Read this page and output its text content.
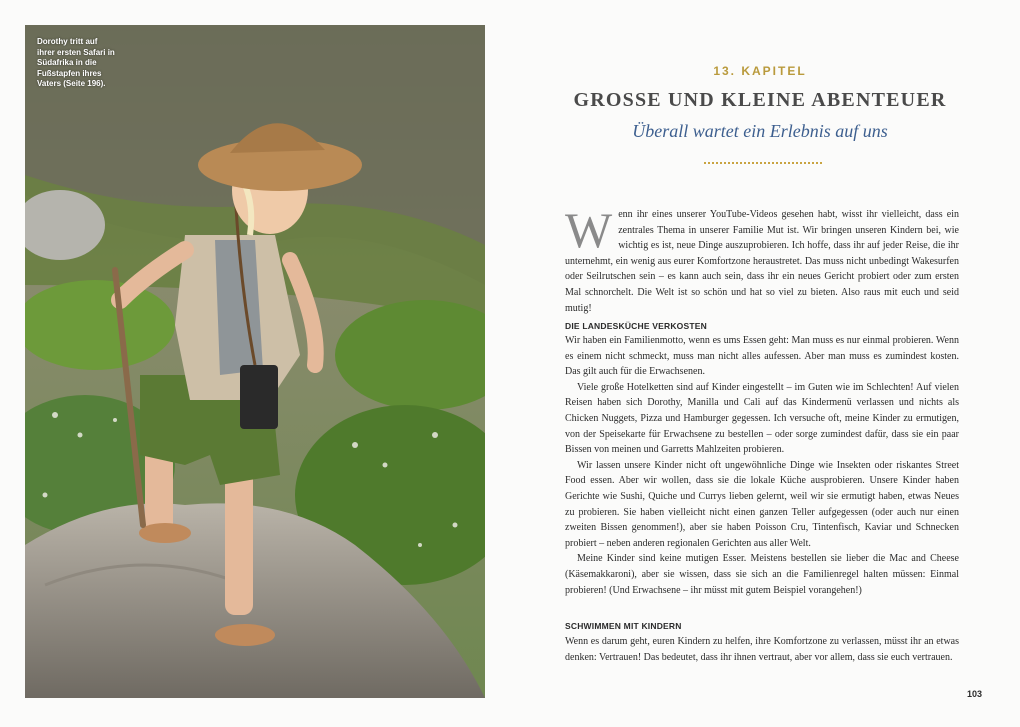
Dorothy tritt auf ihrer ersten Safari in Südafrika in die Fußstapfen ihres Vaters (Seite 196).
13. KAPITEL
GROSSE UND KLEINE ABENTEUER
Überall wartet ein Erlebnis auf uns
W enn ihr eines unserer YouTube-Videos gesehen habt, wisst ihr vielleicht, dass ein zentrales Thema in unserer Familie Mut ist. Wir bringen unseren Kindern bei, wie wichtig es ist, neue Dinge auszuprobieren. Ich hoffe, dass ihr auf jeder Reise, die ihr unternehmt, ein wenig aus eurer Komfortzone heraustretet. Das muss nicht unbedingt Wakesurfen oder Seilrutschen sein – es kann auch sein, dass ihr ein neues Gericht probiert oder zum ersten Mal schnorchelt. Die Welt ist so schön und hat so viel zu bieten. Also raus mit euch und seid mutig!
DIE LANDESKÜCHE VERKOSTEN

Wir haben ein Familienmotto, wenn es ums Essen geht: Man muss es nur einmal probieren. Wenn es einem nicht schmeckt, muss man nicht alles aufessen. Aber man muss es zumindest kosten. Das gilt auch für die Erwachsenen.

Viele große Hotelketten sind auf Kinder eingestellt – im Guten wie im Schlechten! Auf vielen Reisen haben sich Dorothy, Manilla und Cali auf das Kindermenü verlassen und nichts als Chicken Nuggets, Pizza und Hamburger gegessen. Ich versuche oft, meine Kinder zu ermutigen, von der Speisekarte für Erwachsene zu bestellen – oder sorge zumindest dafür, dass sie ein paar Bissen von meinen und Garretts Mahlzeiten probieren.

Wir lassen unsere Kinder nicht oft ungewöhnliche Dinge wie Insekten oder riskantes Street Food essen. Aber wir wollen, dass sie die lokale Küche ausprobieren. Unsere Kinder haben Gerichte wie Sushi, Quiche und Currys lieben gelernt, weil wir sie ermutigt haben, etwas Neues zu probieren. Sie haben vielleicht nicht einen ganzen Teller aufgegessen (oder auch nur einen zweiten Bissen genommen!), aber sie haben Poisson Cru, Tintenfisch, Kaviar und Schnecken probiert – neben anderen regionalen Gerichten aus aller Welt.

Meine Kinder sind keine mutigen Esser. Meistens bestellen sie lieber die Mac and Cheese (Käsemakkaroni), aber sie wissen, dass sie sich an die Familienregel halten müssen: Einmal probieren! (Und Erwachsene – ihr müsst mit gutem Beispiel vorangehen!)

SCHWIMMEN MIT KINDERN

Wenn es darum geht, euren Kindern zu helfen, ihre Komfortzone zu verlassen, müsst ihr an etwas denken: Vertrauen! Das bedeutet, dass ihr ihnen vertraut, aber vor allem, dass sie euch vertrauen.

103
